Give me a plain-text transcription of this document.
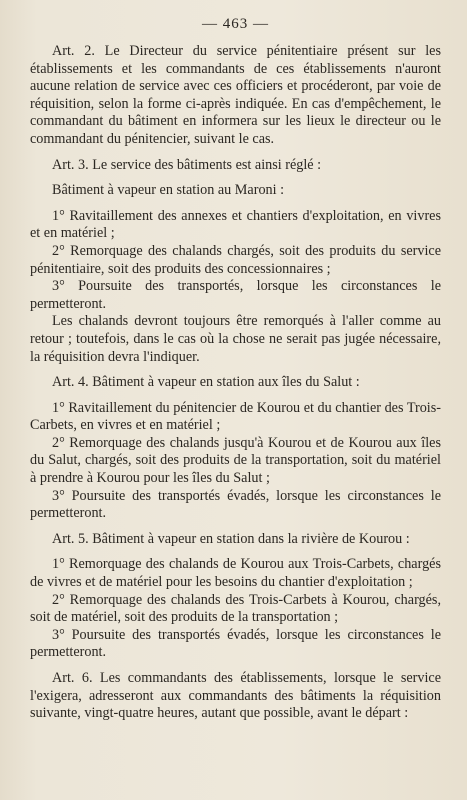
— 463 —

Art. 2. Le Directeur du service pénitentiaire présent sur les établissements et les commandants de ces établissements n'auront aucune relation de service avec ces officiers et procéderont, par voie de réquisition, selon la forme ci-après indiquée. En cas d'empêchement, le commandant du bâtiment en informera sur les lieux le directeur ou le commandant du pénitencier, suivant le cas.

Art. 3. Le service des bâtiments est ainsi réglé :

Bâtiment à vapeur en station au Maroni :

1° Ravitaillement des annexes et chantiers d'exploitation, en vivres et en matériel ;

2° Remorquage des chalands chargés, soit des produits du service pénitentiaire, soit des produits des concessionnaires ;

3° Poursuite des transportés, lorsque les circonstances le permetteront.

Les chalands devront toujours être remorqués à l'aller comme au retour ; toutefois, dans le cas où la chose ne serait pas jugée nécessaire, la réquisition devra l'indiquer.

Art. 4. Bâtiment à vapeur en station aux îles du Salut :

1° Ravitaillement du pénitencier de Kourou et du chantier des Trois-Carbets, en vivres et en matériel ;

2° Remorquage des chalands jusqu'à Kourou et de Kourou aux îles du Salut, chargés, soit des produits de la transportation, soit du matériel à prendre à Kourou pour les îles du Salut ;

3° Poursuite des transportés évadés, lorsque les circonstances le permetteront.

Art. 5. Bâtiment à vapeur en station dans la rivière de Kourou :

1° Remorquage des chalands de Kourou aux Trois-Carbets, chargés de vivres et de matériel pour les besoins du chantier d'exploitation ;

2° Remorquage des chalands des Trois-Carbets à Kourou, chargés, soit de matériel, soit des produits de la transportation ;

3° Poursuite des transportés évadés, lorsque les circonstances le permetteront.

Art. 6. Les commandants des établissements, lorsque le service l'exigera, adresseront aux commandants des bâtiments la réquisition suivante, vingt-quatre heures, autant que possible, avant le départ :
